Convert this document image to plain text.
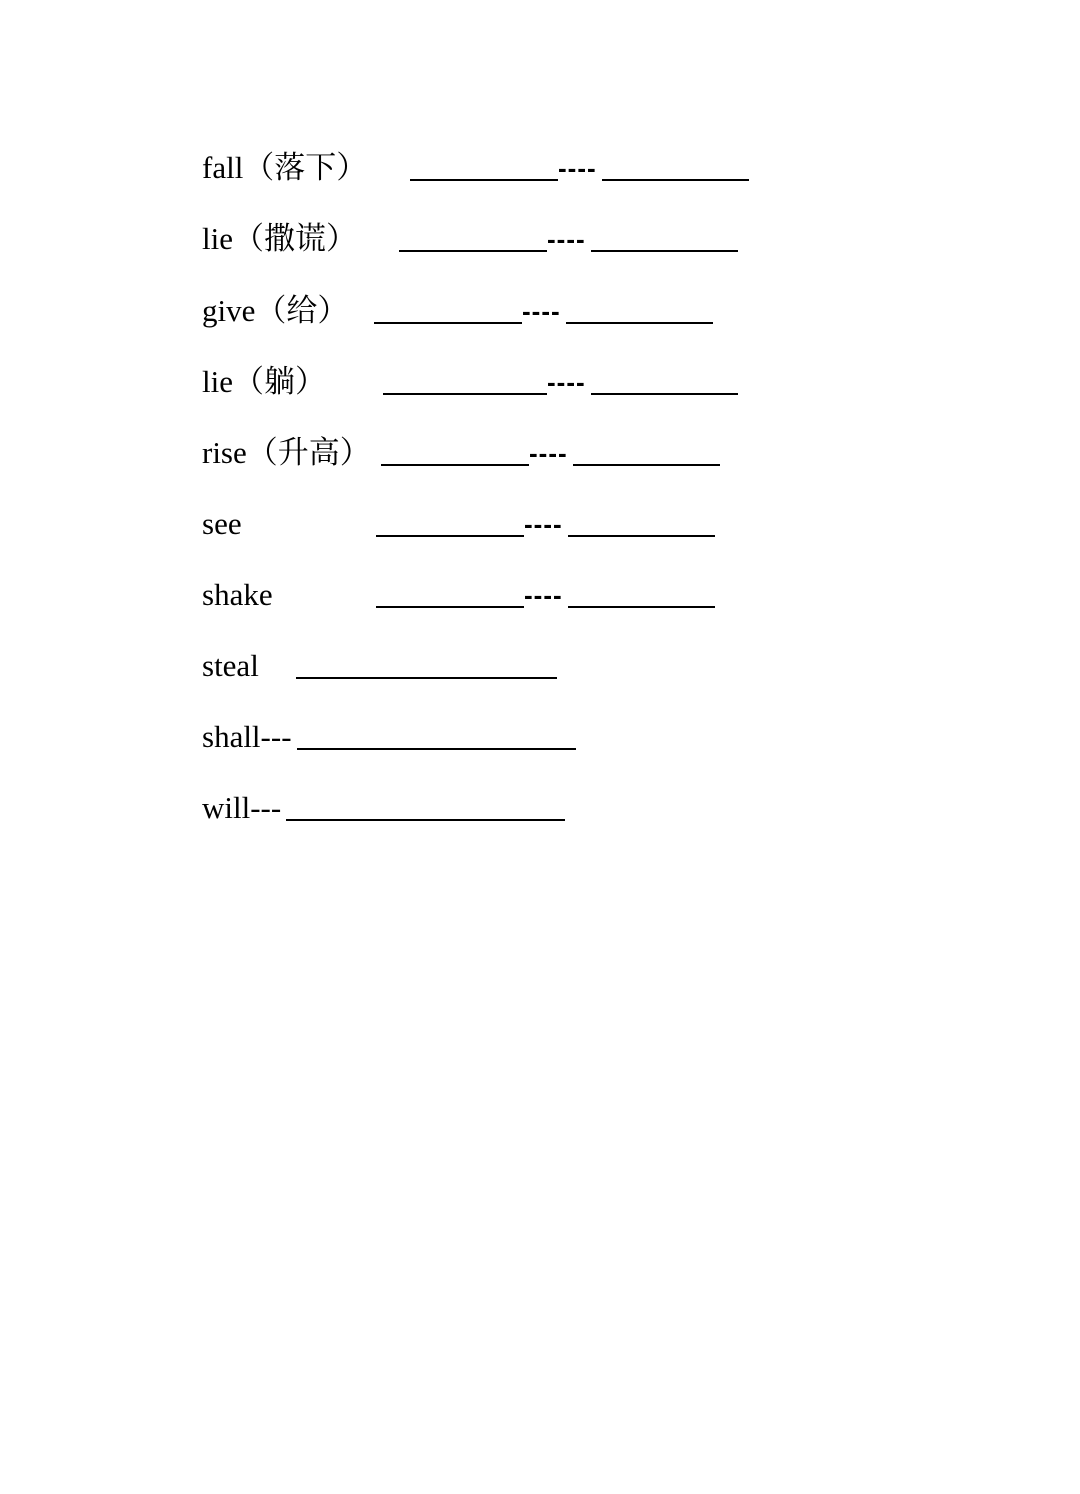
fall（落下）	----
lie（撒谎）	----
give（给）	----
lie（躺）	----
rise（升高）	----
see	----
shake	----
steal
shall---
will---
